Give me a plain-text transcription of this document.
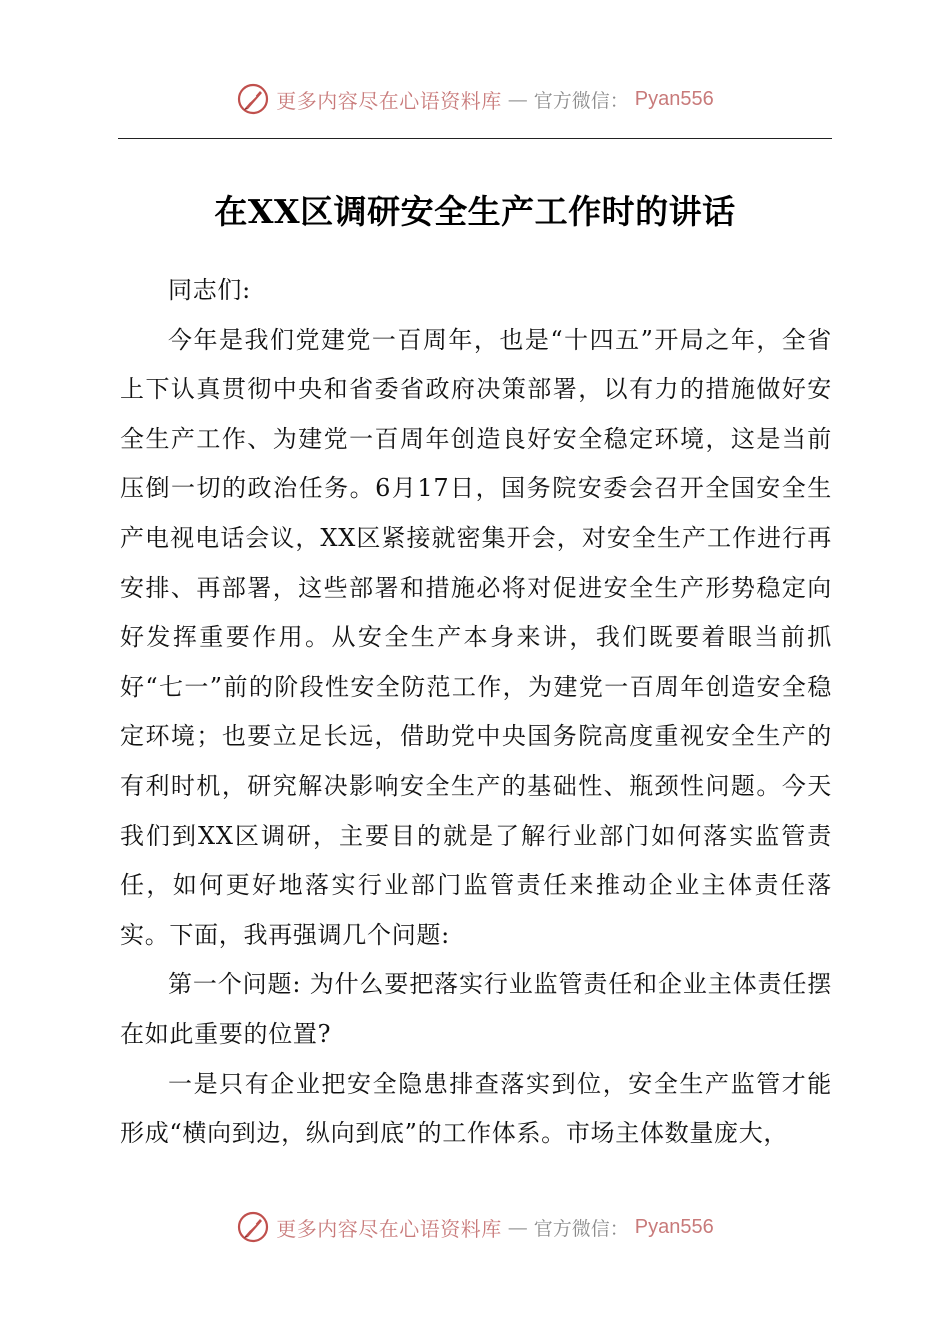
更多内容尽在心语资料库 — 官方微信： Pyan556
在XX区调研安全生产工作时的讲话

同志们:

今年是我们党建党一百周年，也是“十四五”开局之年，全省上下认真贯彻中央和省委省政府决策部署，以有力的措施做好安全生产工作、为建党一百周年创造良好安全稳定环境，这是当前压倒一切的政治任务。6月17日，国务院安委会召开全国安全生产电视电话会议，XX区紧接就密集开会，对安全生产工作进行再安排、再部署，这些部署和措施必将对促进安全生产形势稳定向好发挥重要作用。从安全生产本身来讲，我们既要着眼当前抓好“七一”前的阶段性安全防范工作，为建党一百周年创造安全稳定环境；也要立足长远，借助党中央国务院高度重视安全生产的有利时机，研究解决影响安全生产的基础性、瓶颈性问题。今天我们到XX区调研，主要目的就是了解行业部门如何落实监管责任，如何更好地落实行业部门监管责任来推动企业主体责任落实。下面，我再强调几个问题:

第一个问题: 为什么要把落实行业监管责任和企业主体责任摆在如此重要的位置?

一是只有企业把安全隐患排查落实到位，安全生产监管才能形成“横向到边，纵向到底”的工作体系。市场主体数量庞大，

更多内容尽在心语资料库 — 官方微信： Pyan556
